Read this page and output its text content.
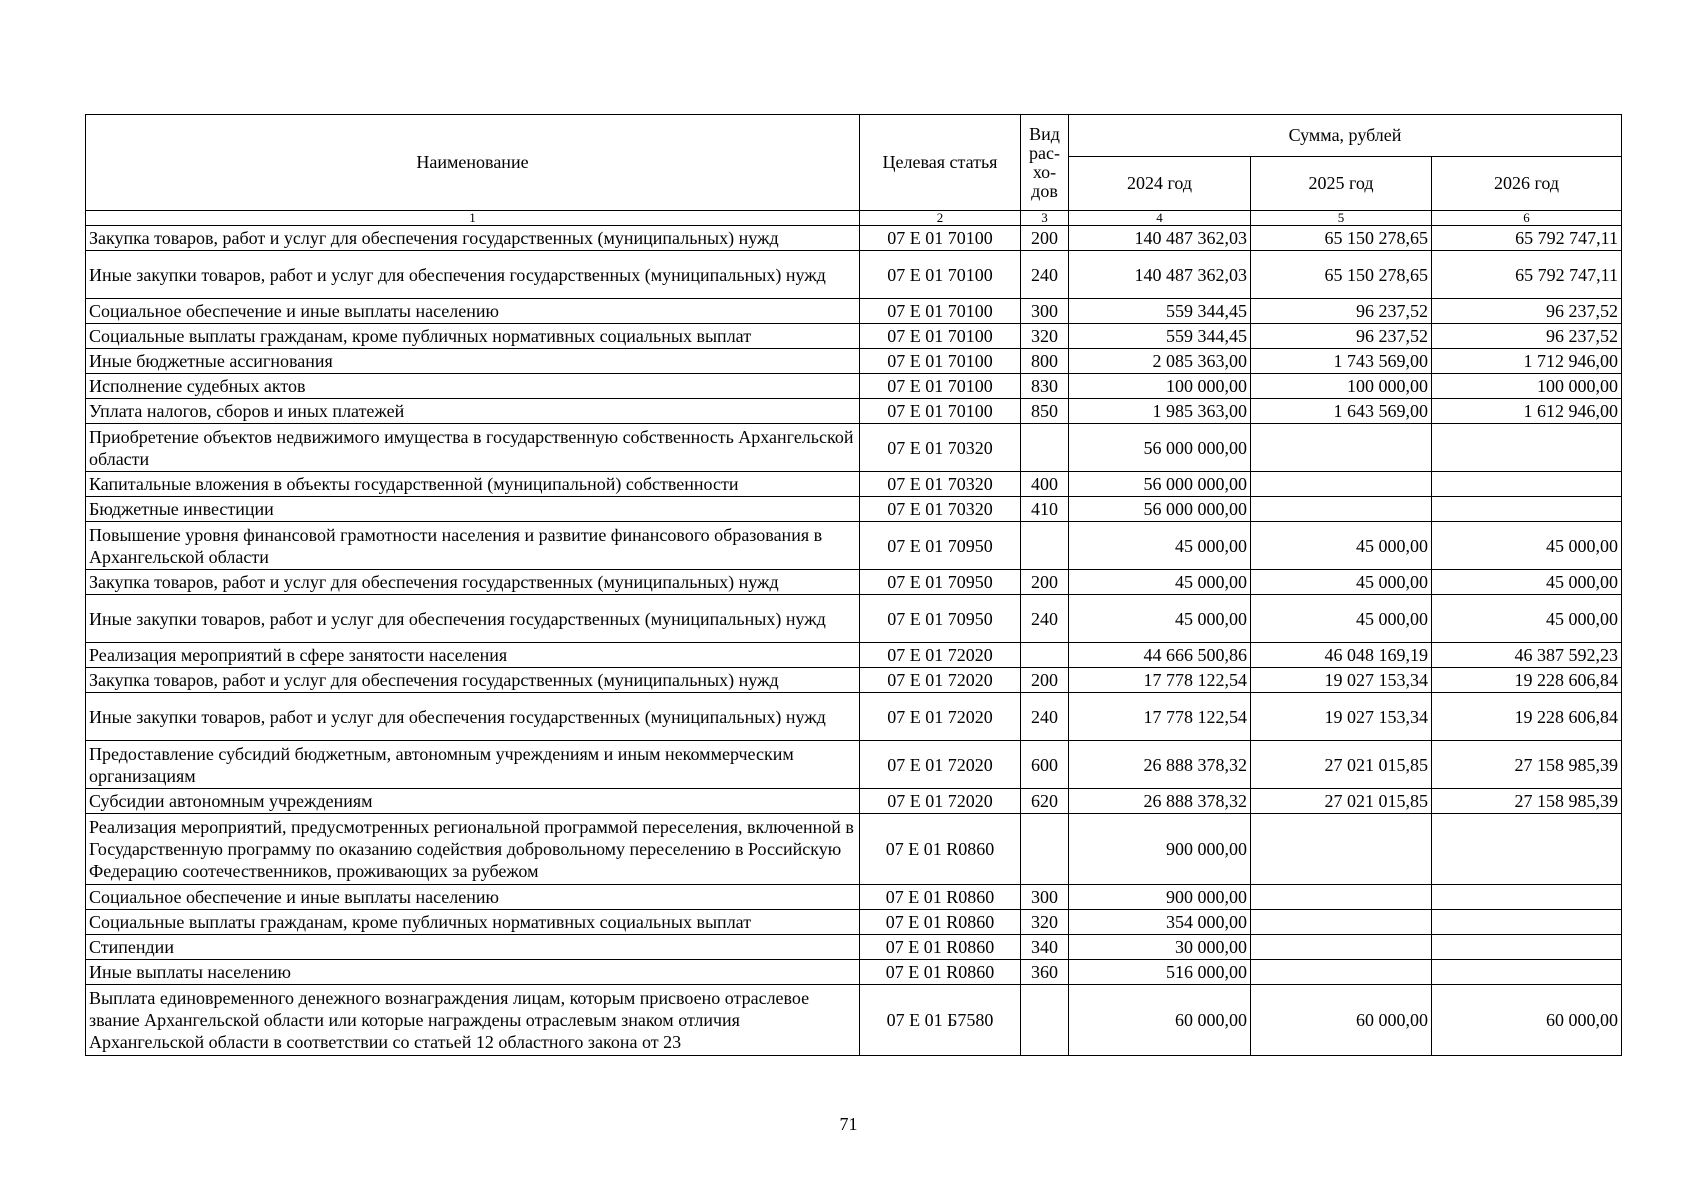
Наименование	Целевая статья	Вид рас-хо-дов	Сумма, рублей		
			2024 год	2025 год	2026 год
1	2	3	4	5	6
Закупка товаров, работ и услуг для обеспечения государственных (муниципальных) нужд	07 Е 01 70100	200	140 487 362,03	65 150 278,65	65 792 747,11
Иные закупки товаров, работ и услуг для обеспечения государственных (муниципальных) нужд	07 Е 01 70100	240	140 487 362,03	65 150 278,65	65 792 747,11
Социальное обеспечение и иные выплаты населению	07 Е 01 70100	300	559 344,45	96 237,52	96 237,52
Социальные выплаты гражданам, кроме публичных нормативных социальных выплат	07 Е 01 70100	320	559 344,45	96 237,52	96 237,52
Иные бюджетные ассигнования	07 Е 01 70100	800	2 085 363,00	1 743 569,00	1 712 946,00
Исполнение судебных актов	07 Е 01 70100	830	100 000,00	100 000,00	100 000,00
Уплата налогов, сборов и иных платежей	07 Е 01 70100	850	1 985 363,00	1 643 569,00	1 612 946,00
Приобретение объектов недвижимого имущества в государственную собственность Архангельской области	07 Е 01 70320		56 000 000,00		
Капитальные вложения в объекты государственной (муниципальной) собственности	07 Е 01 70320	400	56 000 000,00		
Бюджетные инвестиции	07 Е 01 70320	410	56 000 000,00		
Повышение уровня финансовой грамотности населения и развитие финансового образования в Архангельской области	07 Е 01 70950		45 000,00	45 000,00	45 000,00
Закупка товаров, работ и услуг для обеспечения государственных (муниципальных) нужд	07 Е 01 70950	200	45 000,00	45 000,00	45 000,00
Иные закупки товаров, работ и услуг для обеспечения государственных (муниципальных) нужд	07 Е 01 70950	240	45 000,00	45 000,00	45 000,00
Реализация мероприятий в сфере занятости населения	07 Е 01 72020		44 666 500,86	46 048 169,19	46 387 592,23
Закупка товаров, работ и услуг для обеспечения государственных (муниципальных) нужд	07 Е 01 72020	200	17 778 122,54	19 027 153,34	19 228 606,84
Иные закупки товаров, работ и услуг для обеспечения государственных (муниципальных) нужд	07 Е 01 72020	240	17 778 122,54	19 027 153,34	19 228 606,84
Предоставление субсидий бюджетным, автономным учреждениям и иным некоммерческим организациям	07 Е 01 72020	600	26 888 378,32	27 021 015,85	27 158 985,39
Субсидии автономным учреждениям	07 Е 01 72020	620	26 888 378,32	27 021 015,85	27 158 985,39
Реализация мероприятий, предусмотренных региональной программой переселения, включенной в Государственную программу по оказанию содействия добровольному переселению в Российскую Федерацию соотечественников, проживающих за рубежом	07 Е 01 R0860		900 000,00		
Социальное обеспечение и иные выплаты населению	07 Е 01 R0860	300	900 000,00		
Социальные выплаты гражданам, кроме публичных нормативных социальных выплат	07 Е 01 R0860	320	354 000,00		
Стипендии	07 Е 01 R0860	340	30 000,00		
Иные выплаты населению	07 Е 01 R0860	360	516 000,00		
Выплата единовременного денежного вознаграждения лицам, которым присвоено отраслевое звание Архангельской области или которые награждены отраслевым знаком отличия Архангельской области в соответствии со статьей 12 областного закона от 23	07 Е 01 Б7580		60 000,00	60 000,00	60 000,00
71
